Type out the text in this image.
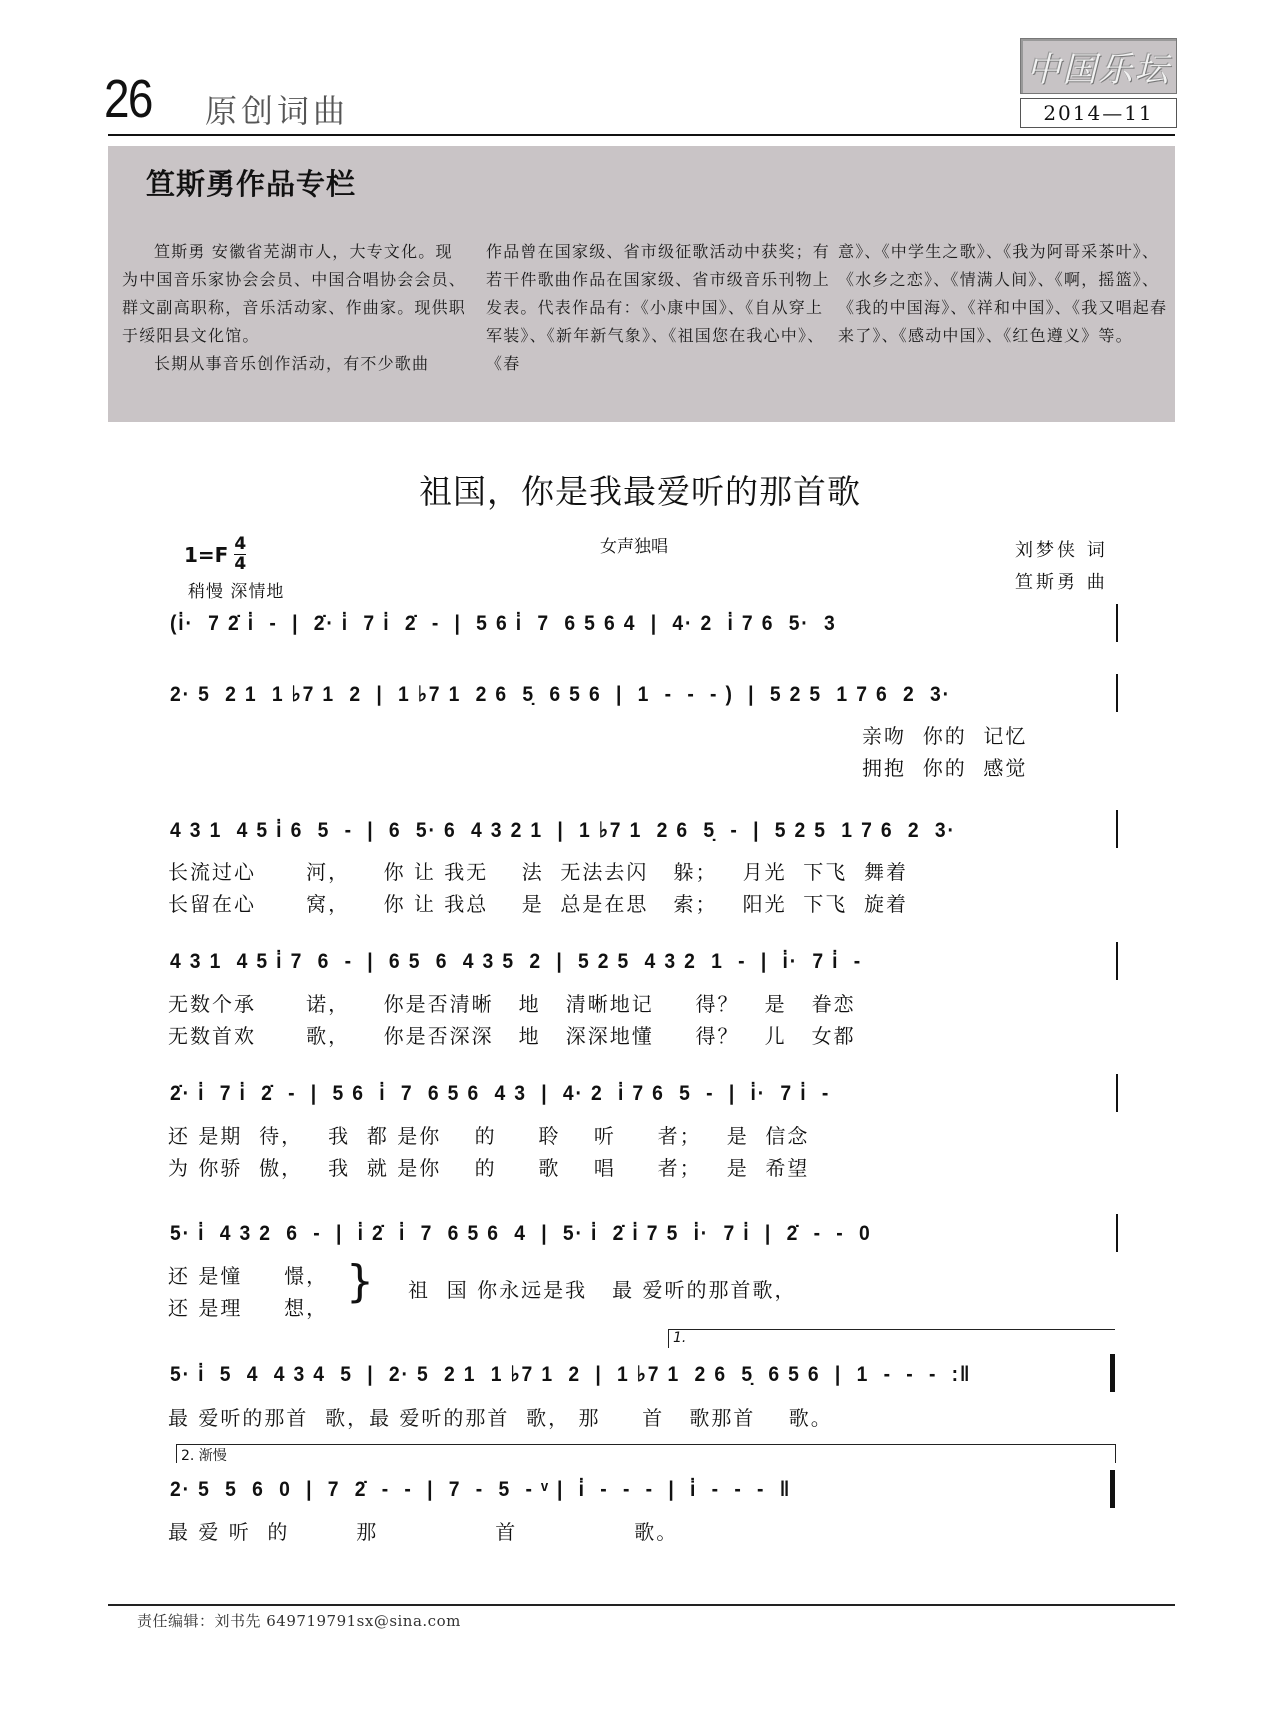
26 原创词曲
中国乐坛
2014—11
笪斯勇作品专栏

笪斯勇 安徽省芜湖市人，大专文化。现为中国音乐家协会会员、中国合唱协会会员、群文副高职称，音乐活动家、作曲家。现供职于绥阳县文化馆。

长期从事音乐创作活动，有不少歌曲

作品曾在国家级、省市级征歌活动中获奖；有若干件歌曲作品在国家级、省市级音乐刊物上发表。代表作品有：《小康中国》、《自从穿上军装》、《新年新气象》、《祖国您在我心中》、《春

意》、《中学生之歌》、《我为阿哥采茶叶》、《水乡之恋》、《情满人间》、《啊，摇篮》、《我的中国海》、《祥和中国》、《我又唱起春来了》、《感动中国》、《红色遵义》等。

祖国，你是我最爱听的那首歌
$1=F \frac{4}{4}$	女声独唱
稍慢 深情地
刘梦侠 词
笪斯勇 曲
(i̇·  7 2̇ i̇  -  |  2̇· i̇  7 i̇  2̇  -  |  5 6 i̇  7  6 5 6 4  |  4· 2  i̇ 7 6  5·  3
2· 5  2 1  1 ♭7 1  2  |  1 ♭7 1  2 6  5̣  6 5 6  |  1  -  -  - )  |  5 2 5  1 7 6  2  3·
亲吻  你的  记忆
拥抱  你的  感觉
4 3 1  4 5 i̇ 6  5  -  |  6  5· 6  4 3 2 1  |  1 ♭7 1  2 6  5̣  -  |  5 2 5  1 7 6  2  3·
长流过心      河，    你 让 我无    法  无法去闪   躲；   月光  下飞  舞着
长留在心      窝，    你 让 我总    是  总是在思   索；   阳光  下飞  旋着
4 3 1  4 5 i̇ 7  6  -  |  6 5  6  4 3 5  2  |  5 2 5  4 3 2  1  -  |  i̇·  7 i̇  -
无数个承      诺，    你是否清晰   地   清晰地记     得？   是   眷恋
无数首欢      歌，    你是否深深   地   深深地懂     得？   儿   女都
2̇· i̇  7 i̇  2̇  -  |  5 6  i̇  7  6 5 6  4 3  |  4· 2  i̇ 7 6  5  -  |  i̇·  7 i̇  -
还 是期  待，   我  都 是你    的     聆    听     者；   是  信念
为 你骄  傲，   我  就 是你    的     歌    唱     者；   是  希望
5· i̇  4 3 2  6  -  |  i̇ 2̇  i̇  7  6 5 6  4  |  5· i̇  2̇ i̇ 7 5  i̇·  7 i̇  |  2̇  -  -  0
还 是憧     憬，
还 是理     想，
} 祖  国 你永远是我   最 爱听的那首歌，
1.
5· i̇  5  4  4 3 4  5  |  2· 5  2 1  1 ♭7 1  2  |  1 ♭7 1  2 6  5̣  6 5 6  |  1  -  -  -  :‖
最 爱听的那首  歌，最 爱听的那首  歌， 那     首   歌那首    歌。
2. 渐慢
2· 5  5  6  0  |  7  2̇  -  -  |  7  -  5  - ᵛ |  i̇  -  -  -  |  i̇  -  -  -  ‖
最 爱 听  的        那              首              歌。
责任编辑：刘书先 649719791sx@sina.com
